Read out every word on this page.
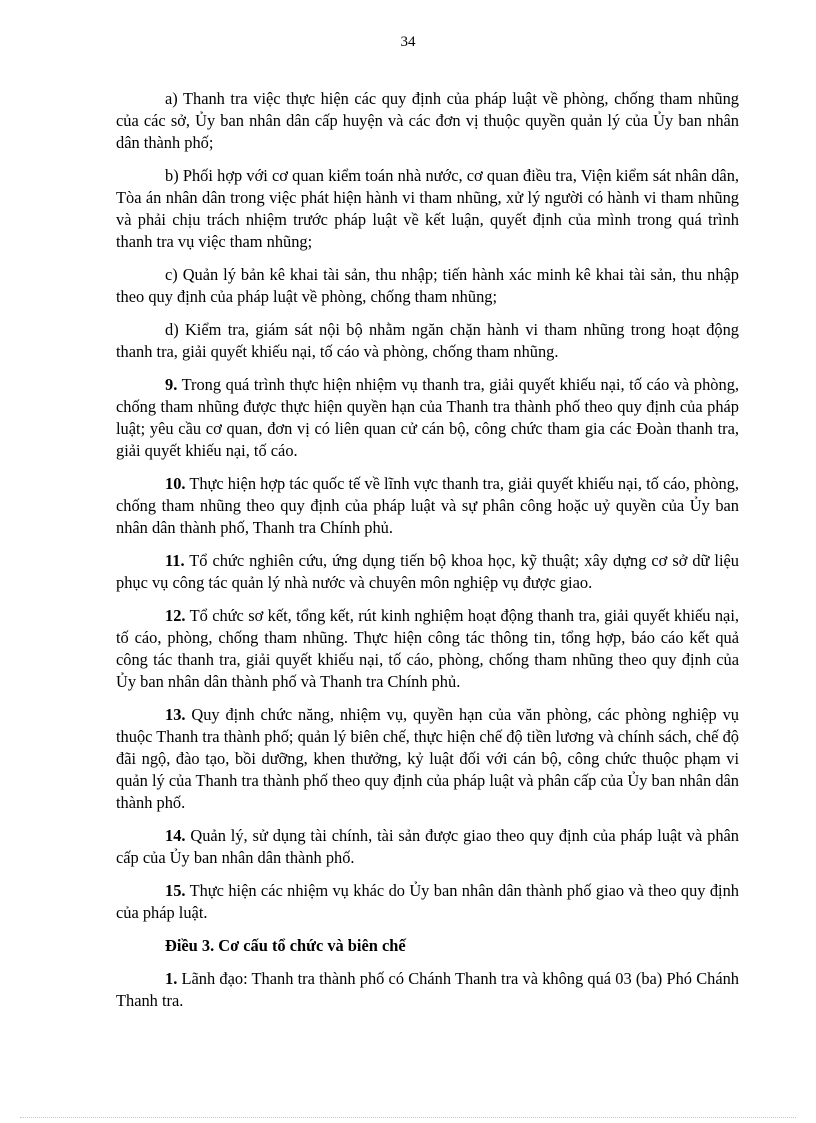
34

a) Thanh tra việc thực hiện các quy định của pháp luật về phòng, chống tham nhũng của các sở, Ủy ban nhân dân cấp huyện và các đơn vị thuộc quyền quản lý của Ủy ban nhân dân thành phố;

b) Phối hợp với cơ quan kiểm toán nhà nước, cơ quan điều tra, Viện kiểm sát nhân dân, Tòa án nhân dân trong việc phát hiện hành vi tham nhũng, xử lý người có hành vi tham nhũng và phải chịu trách nhiệm trước pháp luật về kết luận, quyết định của mình trong quá trình thanh tra vụ việc tham nhũng;

c) Quản lý bản kê khai tài sản, thu nhập; tiến hành xác minh kê khai tài sản, thu nhập theo quy định của pháp luật về phòng, chống tham nhũng;

d) Kiểm tra, giám sát nội bộ nhằm ngăn chặn hành vi tham nhũng trong hoạt động thanh tra, giải quyết khiếu nại, tố cáo và phòng, chống tham nhũng.

9. Trong quá trình thực hiện nhiệm vụ thanh tra, giải quyết khiếu nại, tố cáo và phòng, chống tham nhũng được thực hiện quyền hạn của Thanh tra thành phố theo quy định của pháp luật; yêu cầu cơ quan, đơn vị có liên quan cử cán bộ, công chức tham gia các Đoàn thanh tra, giải quyết khiếu nại, tố cáo.

10. Thực hiện hợp tác quốc tế về lĩnh vực thanh tra, giải quyết khiếu nại, tố cáo, phòng, chống tham nhũng theo quy định của pháp luật và sự phân công hoặc uỷ quyền của Ủy ban nhân dân thành phố, Thanh tra Chính phủ.

11. Tổ chức nghiên cứu, ứng dụng tiến bộ khoa học, kỹ thuật; xây dựng cơ sở dữ liệu phục vụ công tác quản lý nhà nước và chuyên môn nghiệp vụ được giao.

12. Tổ chức sơ kết, tổng kết, rút kinh nghiệm hoạt động thanh tra, giải quyết khiếu nại, tố cáo, phòng, chống tham nhũng. Thực hiện công tác thông tin, tổng hợp, báo cáo kết quả công tác thanh tra, giải quyết khiếu nại, tố cáo, phòng, chống tham nhũng theo quy định của Ủy ban nhân dân thành phố và Thanh tra Chính phủ.

13. Quy định chức năng, nhiệm vụ, quyền hạn của văn phòng, các phòng nghiệp vụ thuộc Thanh tra thành phố; quản lý biên chế, thực hiện chế độ tiền lương và chính sách, chế độ đãi ngộ, đào tạo, bồi dưỡng, khen thưởng, kỷ luật đối với cán bộ, công chức thuộc phạm vi quản lý của Thanh tra thành phố theo quy định của pháp luật và phân cấp của Ủy ban nhân dân thành phố.

14. Quản lý, sử dụng tài chính, tài sản được giao theo quy định của pháp luật và phân cấp của Ủy ban nhân dân thành phố.

15. Thực hiện các nhiệm vụ khác do Ủy ban nhân dân thành phố giao và theo quy định của pháp luật.

Điều 3. Cơ cấu tổ chức và biên chế

1. Lãnh đạo: Thanh tra thành phố có Chánh Thanh tra và không quá 03 (ba) Phó Chánh Thanh tra.
